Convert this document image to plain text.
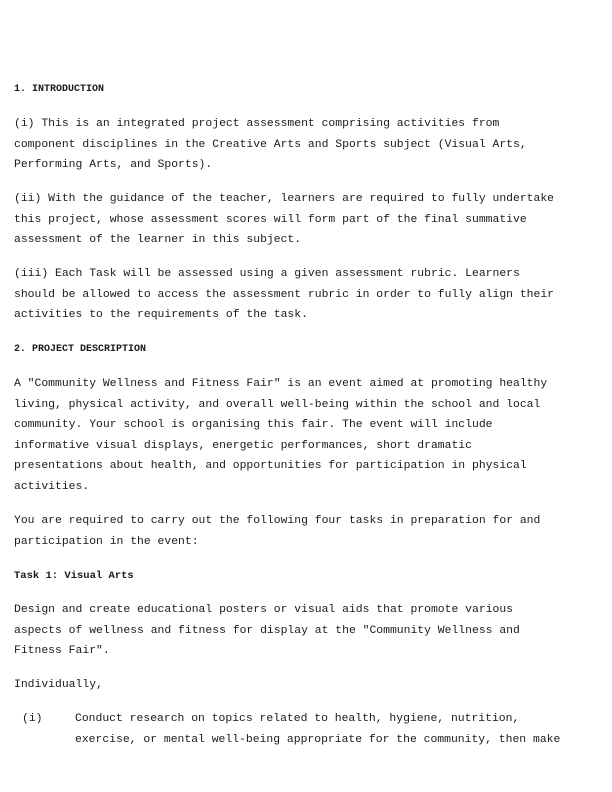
1. INTRODUCTION
(i) This is an integrated project assessment comprising activities from
component disciplines in the Creative Arts and Sports subject (Visual Arts,
Performing Arts, and Sports).
(ii) With the guidance of the teacher, learners are required to fully undertake
this project, whose assessment scores will form part of the final summative
assessment of the learner in this subject.
(iii) Each Task will be assessed using a given assessment rubric. Learners
should be allowed to access the assessment rubric in order to fully align their
activities to the requirements of the task.
2. PROJECT DESCRIPTION
A "Community Wellness and Fitness Fair" is an event aimed at promoting healthy
living, physical activity, and overall well-being within the school and local
community. Your school is organising this fair. The event will include
informative visual displays, energetic performances, short dramatic
presentations about health, and opportunities for participation in physical
activities.
You are required to carry out the following four tasks in preparation for and
participation in the event:
Task 1: Visual Arts
Design and create educational posters or visual aids that promote various
aspects of wellness and fitness for display at the "Community Wellness and
Fitness Fair".
Individually,
(i)	Conduct research on topics related to health, hygiene, nutrition,
exercise, or mental well-being appropriate for the community, then make
